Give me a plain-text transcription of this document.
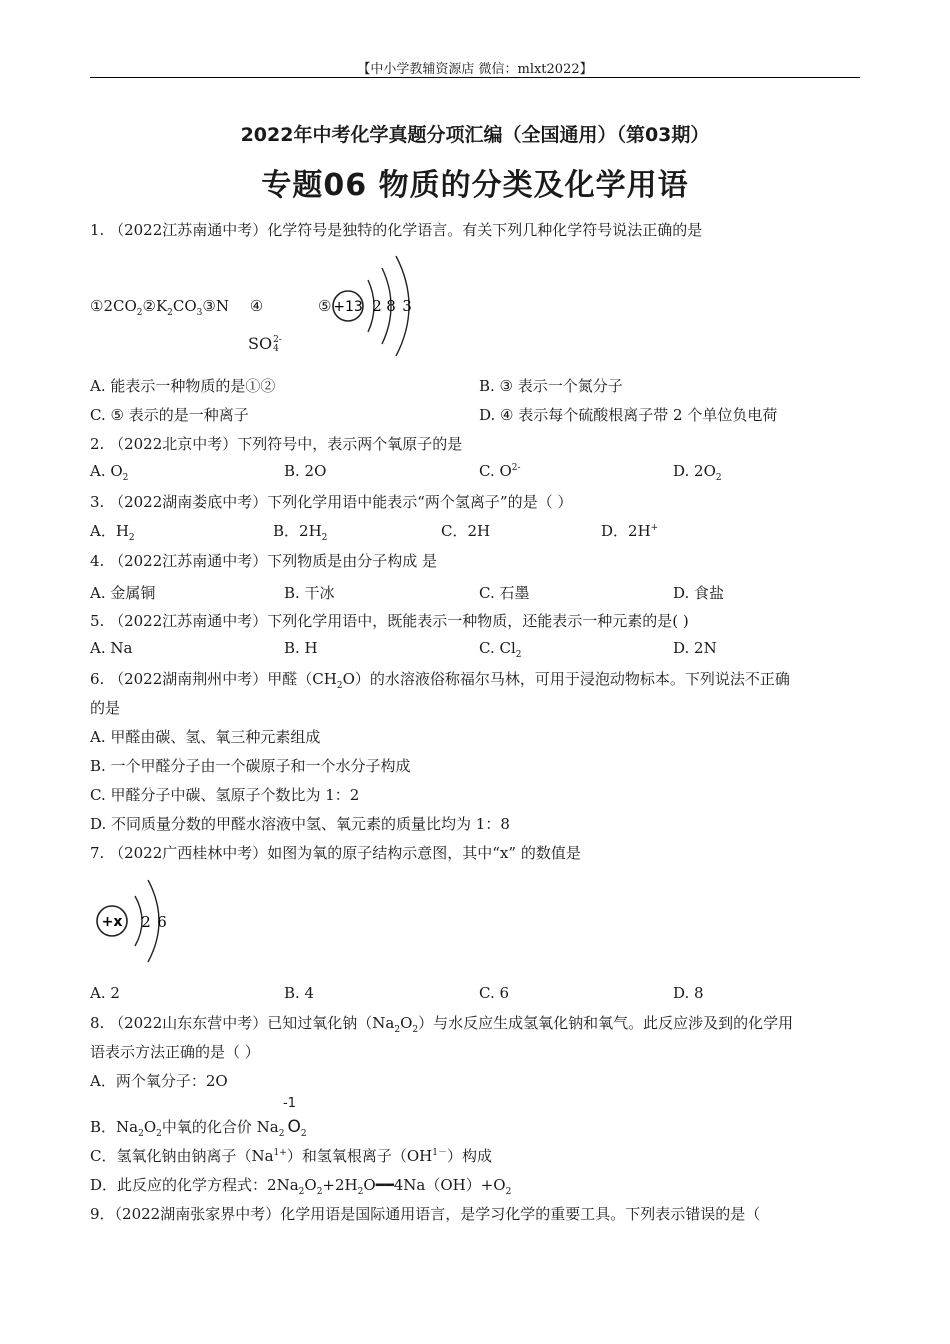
【中小学教辅资源店 微信：mlxt2022】
2022年中考化学真题分项汇编（全国通用）（第03期）
专题06 物质的分类及化学用语
1. （2022江苏南通中考）化学符号是独特的化学语言。有关下列几种化学符号说法正确的是
$①2CO_2②K_2CO_3③N$ ④	⑤
SO 2-
4
+13 2 8 3
A. 能表示一种物质的是①②	B. ③ 表示一个氮分子
C. ⑤ 表示的是一种离子	D. ④ 表示每个硫酸根离子带 2 个单位负电荷
2. （2022北京中考）下列符号中，表示两个氧原子的是
A. $O_2$	B. 2O	C. $O^{2-}$	D. $2O_2$
3. （2022湖南娄底中考）下列化学用语中能表示“两个氢离子”的是（ ）
A．$H_2$	B．$2H_2$	C．2H	D．2H+
4. （2022江苏南通中考）下列物质是由分子构成 是
A. 金属铜	B. 干冰	C. 石墨	D. 食盐
5. （2022江苏南通中考）下列化学用语中，既能表示一种物质，还能表示一种元素的是( )
A. Na	B. H	C. $Cl_2$	D. 2N
6. （2022湖南荆州中考）甲醛$(CH_2O)$的水溶液俗称福尔马林，可用于浸泡动物标本。下列说法不正确
的是
A. 甲醛由碳、氢、氧三种元素组成
B. 一个甲醛分子由一个碳原子和一个水分子构成
C. 甲醛分子中碳、氢原子个数比为 1：2
D. 不同质量分数的甲醛水溶液中氢、氧元素的质量比均为 1：8
7. （2022广西桂林中考）如图为氧的原子结构示意图，其中“x” 的数值是
+x 2 6
A. 2	B. 4	C. 6	D. 8
8. （2022山东东营中考）已知过氧化钠$(Na_2O_2)$与水反应生成氢氧化钠和氧气。此反应涉及到的化学用
语表示方法正确的是（ ）
A．两个氧分子：2O
-1
B．$Na_2O_2$中氧的化合价 $Na_2$ $O_2$
C．氢氧化钠由钠离子$(Na^{1+})$和氢氧根离子$(OH^{1-})$构成
D．此反应的化学方程式：$2Na_2O_2+2H_2O━━4Na(OH)+O_2$
9．（2022湖南张家界中考）化学用语是国际通用语言，是学习化学的重要工具。下列表示错误的是（
